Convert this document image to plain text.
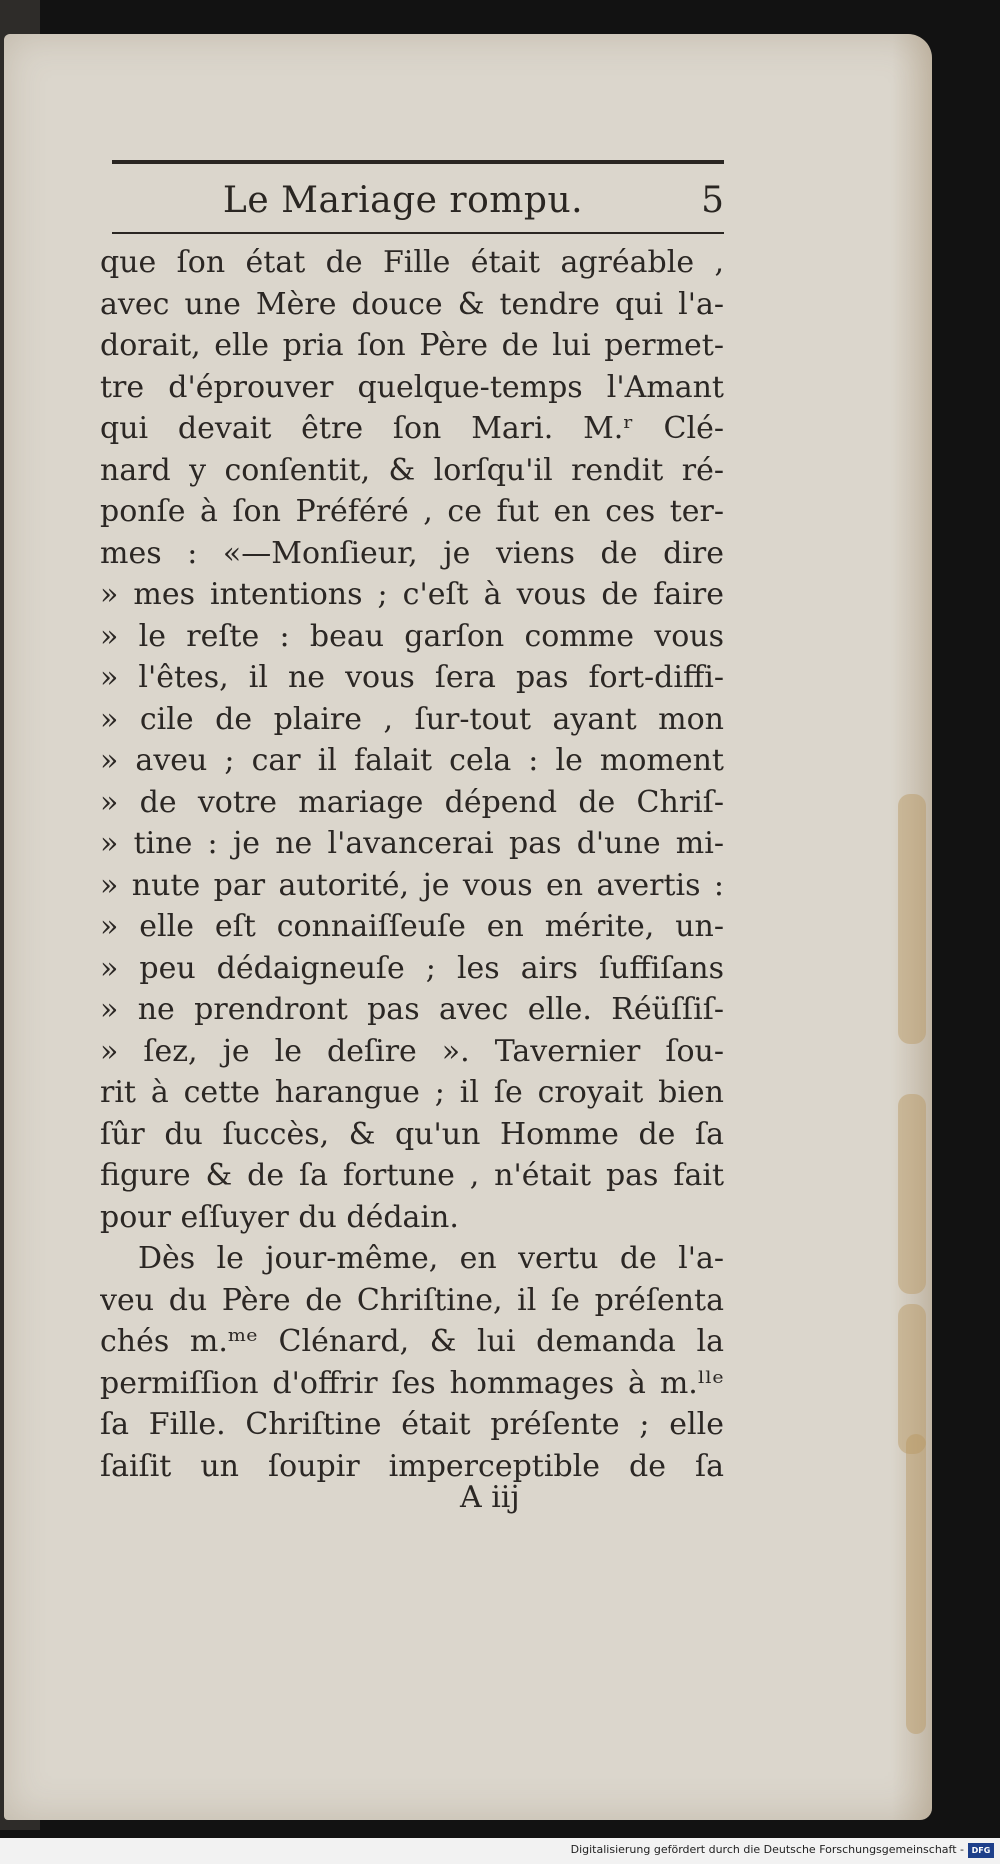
Le Mariage rompu.	5
que ſon état de Fille était agréable ,
avec une Mère douce & tendre qui l'a-
dorait, elle pria ſon Père de lui permet-
tre d'éprouver quelque-temps l'Amant
qui devait être ſon Mari. M.ʳ Clé-
nard y conſentit, & lorſqu'il rendit ré-
ponſe à ſon Préféré , ce fut en ces ter-
mes : «—Monſieur, je viens de dire
» mes intentions ; c'eſt à vous de faire
» le reſte : beau garſon comme vous
» l'êtes, il ne vous ſera pas fort-diffi-
» cile de plaire , ſur-tout ayant mon
» aveu ; car il falait cela : le moment
» de votre mariage dépend de Chriſ-
» tine : je ne l'avancerai pas d'une mi-
» nute par autorité, je vous en avertis :
» elle eſt connaiſſeuſe en mérite, un-
» peu dédaigneuſe ; les airs ſuffiſans
» ne prendront pas avec elle. Réüſſiſ-
» ſez, je le deſire ». Tavernier ſou-
rit à cette harangue ; il ſe croyait bien
ſûr du ſuccès, & qu'un Homme de ſa
figure & de ſa fortune , n'était pas fait
pour eſſuyer du dédain.
Dès le jour-même, en vertu de l'a-
veu du Père de Chriſtine, il ſe préſenta
chés m.ᵐᵉ Clénard, & lui demanda la
permiſſion d'offrir ſes hommages à m.ˡˡᵉ
ſa Fille. Chriſtine était préſente ; elle
ſaiſit un ſoupir imperceptible de ſa
A iij
Digitalisierung gefördert durch die Deutsche Forschungsgemeinschaft - DFG
